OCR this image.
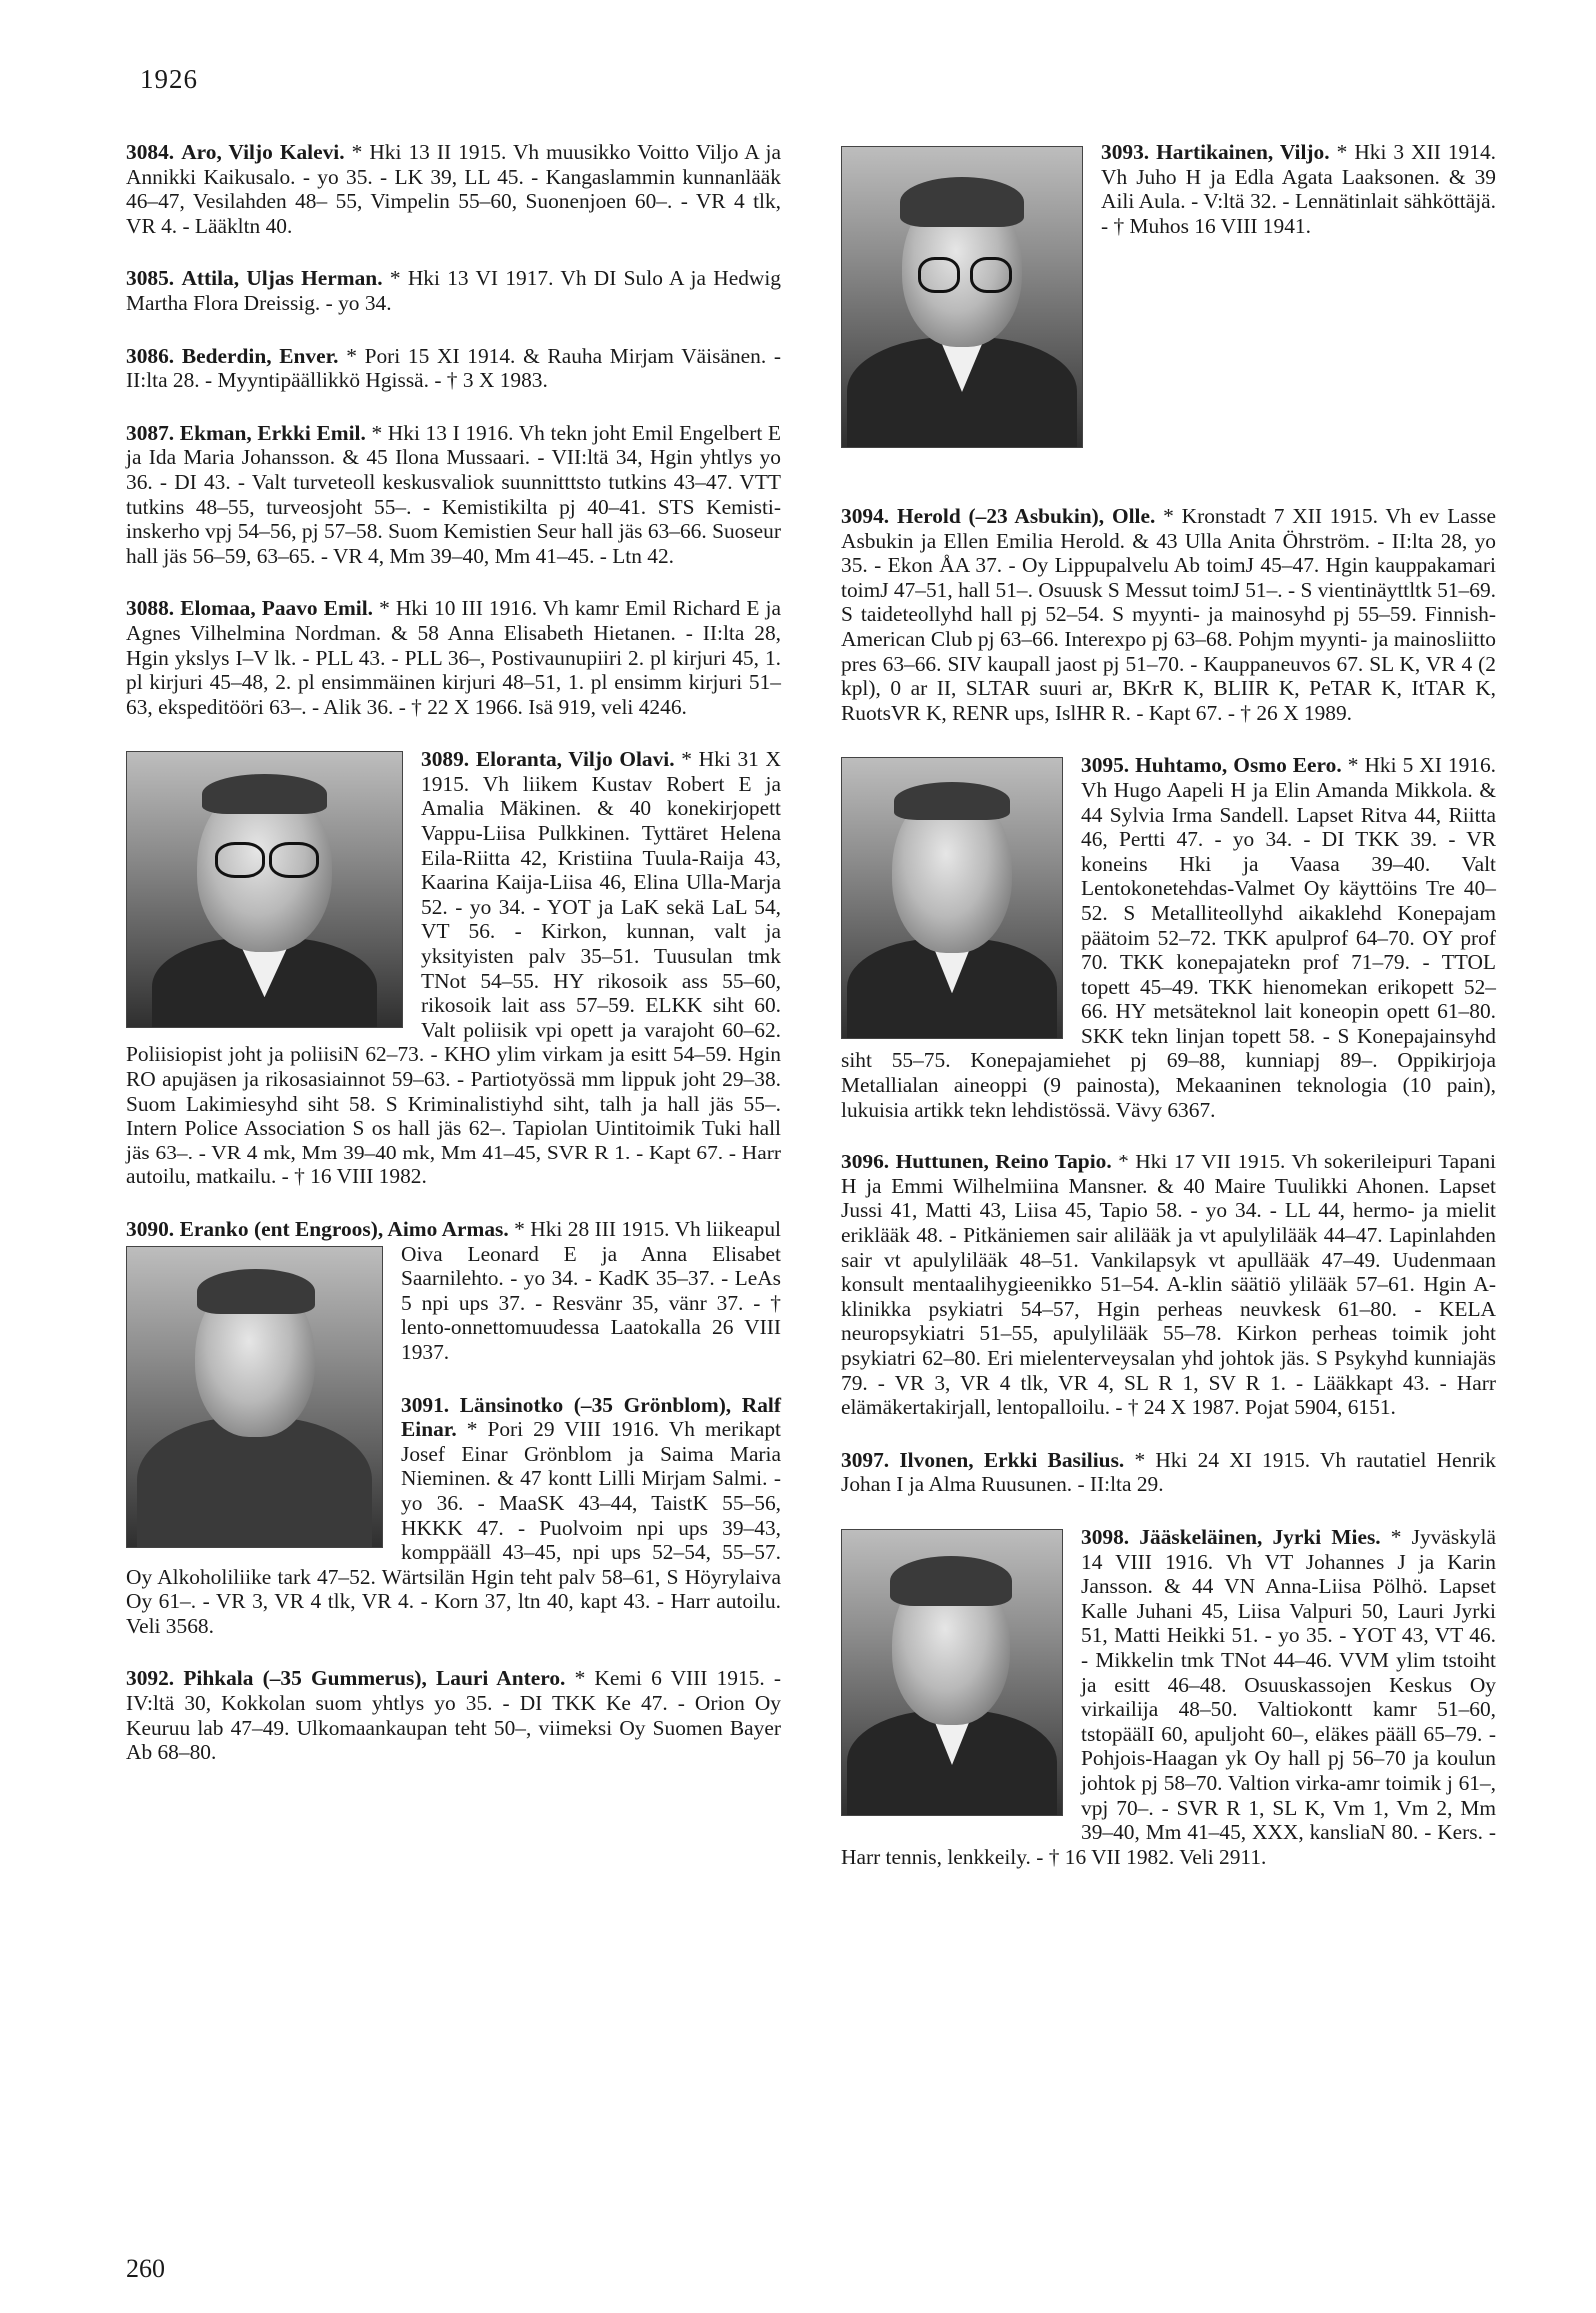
1926

3084. Aro, Viljo Kalevi. * Hki 13 II 1915. Vh muusikko Voitto Viljo A ja Annikki Kaikusalo. - yo 35. - LK 39, LL 45. - Kangaslammin kunnanlääk 46–47, Vesilahden 48– 55, Vimpelin 55–60, Suonenjoen 60–. - VR 4 tlk, VR 4. - Lääkltn 40.

3085. Attila, Uljas Herman. * Hki 13 VI 1917. Vh DI Sulo A ja Hedwig Martha Flora Dreissig. - yo 34.

3086. Bederdin, Enver. * Pori 15 XI 1914. & Rauha Mirjam Väisänen. - II:lta 28. - Myyntipäällikkö Hgissä. - † 3 X 1983.

3087. Ekman, Erkki Emil. * Hki 13 I 1916. Vh tekn joht Emil Engelbert E ja Ida Maria Johansson. & 45 Ilona Mussaari. - VII:ltä 34, Hgin yhtlys yo 36. - DI 43. - Valt turveteoll keskusvaliok suunnitttsto tutkins 43–47. VTT tutkins 48–55, turveosjoht 55–. - Kemistikilta pj 40–41. STS Kemisti-inskerho vpj 54–56, pj 57–58. Suom Kemistien Seur hall jäs 63–66. Suoseur hall jäs 56–59, 63–65. - VR 4, Mm 39–40, Mm 41–45. - Ltn 42.

3088. Elomaa, Paavo Emil. * Hki 10 III 1916. Vh kamr Emil Richard E ja Agnes Vilhelmina Nordman. & 58 Anna Elisabeth Hietanen. - II:lta 28, Hgin ykslys I–V lk. - PLL 43. - PLL 36–, Postivaunupiiri 2. pl kirjuri 45, 1. pl kirjuri 45–48, 2. pl ensimmäinen kirjuri 48–51, 1. pl ensimm kirjuri 51–63, ekspeditööri 63–. - Alik 36. - † 22 X 1966. Isä 919, veli 4246.

3089. Eloranta, Viljo Olavi.
* Hki 31 X 1915. Vh liikem Kustav Robert E ja Amalia Mäkinen. & 40 konekirjopett Vappu-Liisa Pulkkinen. Tyttäret Helena Eila-Riitta 42, Kristiina Tuula-Raija 43, Kaarina Kaija-Liisa 46, Elina Ulla-Marja 52. - yo 34. - YOT ja LaK sekä LaL 54, VT 56. - Kirkon, kunnan, valt ja yksityisten palv 35–51. Tuusulan tmk TNot 54–55. HY rikosoik ass 55–60, rikosoik lait ass 57–59. ELKK siht 60. Valt poliisik vpi opett ja varajoht 60–62. Poliisiopist joht ja poliisiN 62–73. - KHO ylim virkam ja esitt 54–59. Hgin RO apujäsen ja rikosasiainnot 59–63. - Partiotyössä mm lippuk joht 29–38. Suom Lakimiesyhd siht 58. S Kriminalistiyhd siht, talh ja hall jäs 55–. Intern Police Association S os hall jäs 62–. Tapiolan Uintitoimik Tuki hall jäs 63–. - VR 4 mk, Mm 39–40 mk, Mm 41–45, SVR R 1. - Kapt 67. - Harr autoilu, matkailu. - † 16 VIII 1982.

3090. Eranko (ent Engroos), Aimo Armas.
* Hki 28 III 1915. Vh liikeapul Oiva Leonard E ja Anna Elisabet Saarnilehto. - yo 34. - KadK 35–37. - LeAs 5 npi ups 37. - Resvänr 35, vänr 37. - † lento-onnettomuudessa Laatokalla 26 VIII 1937.

3091. Länsinotko (–35 Grönblom), Ralf Einar. * Pori 29 VIII 1916. Vh merikapt Josef Einar Grönblom ja Saima Maria Nieminen. & 47 kontt Lilli Mirjam Salmi. - yo 36. - MaaSK 43–44, TaistK 55–56, HKKK 47. - Puolvoim npi ups 39–43, komppääll 43–45, npi ups 52–54, 55–57. Oy Alkoholiliike tark 47–52. Wärtsilän Hgin teht palv 58–61, S Höyrylaiva Oy 61–. - VR 3, VR 4 tlk, VR 4. - Korn 37, ltn 40, kapt 43. - Harr autoilu. Veli 3568.

3092. Pihkala (–35 Gummerus), Lauri Antero. * Kemi 6 VIII 1915. - IV:ltä 30, Kokkolan suom yhtlys yo 35. - DI TKK Ke 47. - Orion Oy Keuruu lab 47–49. Ulkomaankaupan teht 50–, viimeksi Oy Suomen Bayer Ab 68–80.

3093. Hartikainen, Viljo.
* Hki 3 XII 1914. Vh Juho H ja Edla Agata Laaksonen. & 39 Aili Aula. - V:ltä 32. - Lennätinlait sähköttäjä. - † Muhos 16 VIII 1941.

3094. Herold (–23 Asbukin), Olle. * Kronstadt 7 XII 1915. Vh ev Lasse Asbukin ja Ellen Emilia Herold. & 43 Ulla Anita Öhrström. - II:lta 28, yo 35. - Ekon ÅA 37. - Oy Lippupalvelu Ab toimJ 45–47. Hgin kauppakamari toimJ 47–51, hall 51–. Osuusk S Messut toimJ 51–. - S vientinäyttltk 51–69. S taideteollyhd hall pj 52–54. S myynti- ja mainosyhd pj 55–59. Finnish-American Club pj 63–66. Interexpo pj 63–68. Pohjm myynti- ja mainosliitto pres 63–66. SIV kaupall jaost pj 51–70. - Kauppaneuvos 67. SL K, VR 4 (2 kpl), 0 ar II, SLTAR suuri ar, BKrR K, BLIIR K, PeTAR K, ItTAR K, RuotsVR K, RENR ups, IslHR R. - Kapt 67. - † 26 X 1989.

3095. Huhtamo, Osmo Eero.
* Hki 5 XI 1916. Vh Hugo Aapeli H ja Elin Amanda Mikkola. & 44 Sylvia Irma Sandell. Lapset Ritva 44, Riitta 46, Pertti 47. - yo 34. - DI TKK 39. - VR koneins Hki ja Vaasa 39–40. Valt Lentokonetehdas-Valmet Oy käyttöins Tre 40–52. S Metalliteollyhd aikaklehd Konepajam päätoim 52–72. TKK apulprof 64–70. OY prof 70. TKK konepajatekn prof 71–79. - TTOL topett 45–49. TKK hienomekan erikopett 52–66. HY metsäteknol lait koneopin opett 61–80. SKK tekn linjan topett 58. - S Konepajainsyhd siht 55–75. Konepajamiehet pj 69–88, kunniapj 89–. Oppikirjoja Metallialan aineoppi (9 painosta), Mekaaninen teknologia (10 pain), lukuisia artikk tekn lehdistössä. Vävy 6367.

3096. Huttunen, Reino Tapio. * Hki 17 VII 1915. Vh sokerileipuri Tapani H ja Emmi Wilhelmiina Mansner. & 40 Maire Tuulikki Ahonen. Lapset Jussi 41, Matti 43, Liisa 45, Tapio 58. - yo 34. - LL 44, hermo- ja mielit eriklääk 48. - Pitkäniemen sair alilääk ja vt apulylilääk 44–47. Lapinlahden sair vt apulylilääk 48–51. Vankilapsyk vt apullääk 47–49. Uudenmaan konsult mentaalihygieenikko 51–54. A-klin säätiö ylilääk 57–61. Hgin A-klinikka psykiatri 54–57, Hgin perheas neuvkesk 61–80. - KELA neuropsykiatri 51–55, apulylilääk 55–78. Kirkon perheas toimik joht psykiatri 62–80. Eri mielenterveysalan yhd johtok jäs. S Psykyhd kunniajäs 79. - VR 3, VR 4 tlk, VR 4, SL R 1, SV R 1. - Lääkkapt 43. - Harr elämäkertakirjall, lentopalloilu. - † 24 X 1987. Pojat 5904, 6151.

3097. Ilvonen, Erkki Basilius. * Hki 24 XI 1915. Vh rautatiel Henrik Johan I ja Alma Ruusunen. - II:lta 29.

3098. Jääskeläinen, Jyrki Mies.
* Jyväskylä 14 VIII 1916. Vh VT Johannes J ja Karin Jansson. & 44 VN Anna-Liisa Pölhö. Lapset Kalle Juhani 45, Liisa Valpuri 50, Lauri Jyrki 51, Matti Heikki 51. - yo 35. - YOT 43, VT 46. - Mikkelin tmk TNot 44–46. VVM ylim tstoiht ja esitt 46–48. Osuuskassojen Keskus Oy virkailija 48–50. Valtiokontt kamr 51–60, tstopäälI 60, apuljoht 60–, eläkes pääll 65–79. - Pohjois-Haagan yk Oy hall pj 56–70 ja koulun johtok pj 58–70. Valtion virka-amr toimik j 61–, vpj 70–. - SVR R 1, SL K, Vm 1, Vm 2, Mm 39–40, Mm 41–45, XXX, kansliaN 80. - Kers. - Harr tennis, lenkkeily. - † 16 VII 1982. Veli 2911.

260
